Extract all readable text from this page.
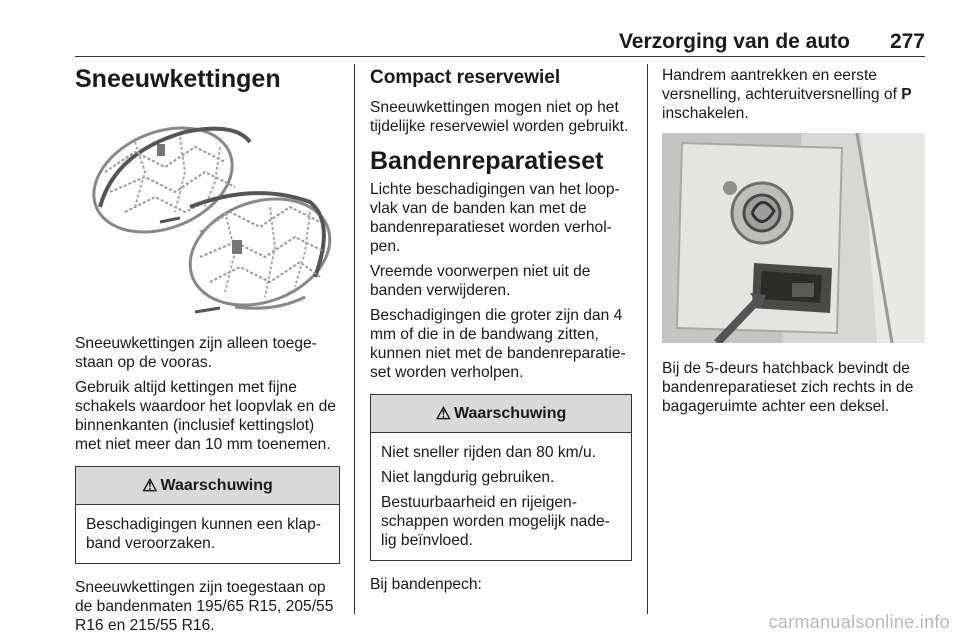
Verzorging van de auto 277
Sneeuwkettingen

Sneeuwkettingen zijn alleen toege-
staan op de vooras.

Gebruik altijd kettingen met fijne schakels waardoor het loopvlak en de binnenkanten (inclusief kettingslot) met niet meer dan 10 mm toenemen.

⚠ Waarschuwing

Beschadigingen kunnen een klap-
band veroorzaken.

Sneeuwkettingen zijn toegestaan op de bandenmaten 195/65 R15, 205/55 R16 en 215/55 R16.

Compact reservewiel

Sneeuwkettingen mogen niet op het tijdelijke reservewiel worden gebruikt.

Bandenreparatieset

Lichte beschadigingen van het loop-
vlak van de banden kan met de bandenreparatieset worden verhol-
pen.

Vreemde voorwerpen niet uit de banden verwijderen.

Beschadigingen die groter zijn dan 4 mm of die in de bandwang zitten, kunnen niet met de bandenreparatie-
set worden verholpen.

⚠ Waarschuwing

Niet sneller rijden dan 80 km/u.

Niet langdurig gebruiken.

Bestuurbaarheid en rijeigen-
schappen worden mogelijk nade-
lig beïnvloed.

Bij bandenpech:

Handrem aantrekken en eerste versnelling, achteruitversnelling of P
inschakelen.

Bij de 5-deurs hatchback bevindt de bandenreparatieset zich rechts in de bagageruimte achter een deksel.

carmanualsonline.info
